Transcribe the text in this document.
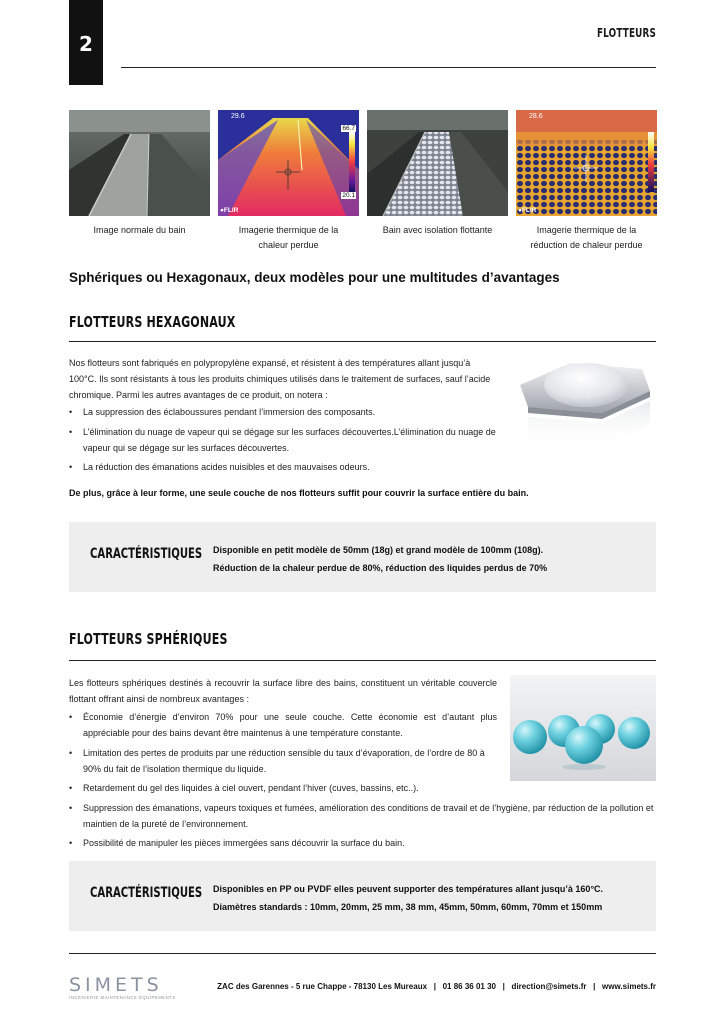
2	FLOTTEURS
29.6
66.7
20.1
●FLIR
28.6
●FLIR
Image normale du bain	Imagerie thermique de la chaleur perdue
Bain avec isolation flottante	Imagerie thermique de la réduction de chaleur perdue
Sphériques ou Hexagonaux, deux modèles pour une multitudes d’avantages
FLOTTEURS HEXAGONAUX

Nos flotteurs sont fabriqués en polypropylène expansé, et résistent à des températures allant jusqu’à 100°C. Ils sont résistants à tous les produits chimiques utilisés dans le traitement de surfaces, sauf l’acide chromique. Parmi les autres avantages de ce produit, on notera :

• La suppression des éclaboussures pendant l’immersion des composants.
• L’élimination du nuage de vapeur qui se dégage sur les surfaces découvertes.L’élimination du nuage de vapeur qui se dégage sur les surfaces découvertes.
• La réduction des émanations acides nuisibles et des mauvaises odeurs.
De plus, grâce à leur forme, une seule couche de nos flotteurs suffit pour couvrir la surface entière du bain.
CARACTÉRISTIQUES Disponible en petit modèle de 50mm (18g) et grand modèle de 100mm (108g).
Réduction de la chaleur perdue de 80%, réduction des liquides perdus de 70%
FLOTTEURS SPHÉRIQUES

Les flotteurs sphériques destinés à recouvrir la surface libre des bains, constituent un véritable couvercle flottant offrant ainsi de nombreux avantages :

• Économie d’énergie d’environ 70% pour une seule couche. Cette économie est d’autant plus appréciable pour des bains devant être maintenus à une température constante.
• Limitation des pertes de produits par une réduction sensible du taux d’évaporation, de l’ordre de 80 à 90% du fait de l’isolation thermique du liquide.
• Retardement du gel des liquides à ciel ouvert, pendant l’hiver (cuves, bassins, etc..).
• Suppression des émanations, vapeurs toxiques et fumées, amélioration des conditions de travail et de l’hygiène, par réduction de la pollution et maintien de la pureté de l’environnement.
• Possibilité de manipuler les pièces immergées sans découvrir la surface du bain.
CARACTÉRISTIQUES Disponibles en PP ou PVDF elles peuvent supporter des températures allant jusqu’à 160°C.
Diamètres standards : 10mm, 20mm, 25 mm, 38 mm, 45mm, 50mm, 60mm, 70mm et 150mm
SIMETS
INGÉNIERIE MAINTENANCE ÉQUIPEMENTS
ZAC des Garennes - 5 rue Chappe - 78130 Les Mureaux   |   01 86 36 01 30   |   direction@simets.fr   |   www.simets.fr
